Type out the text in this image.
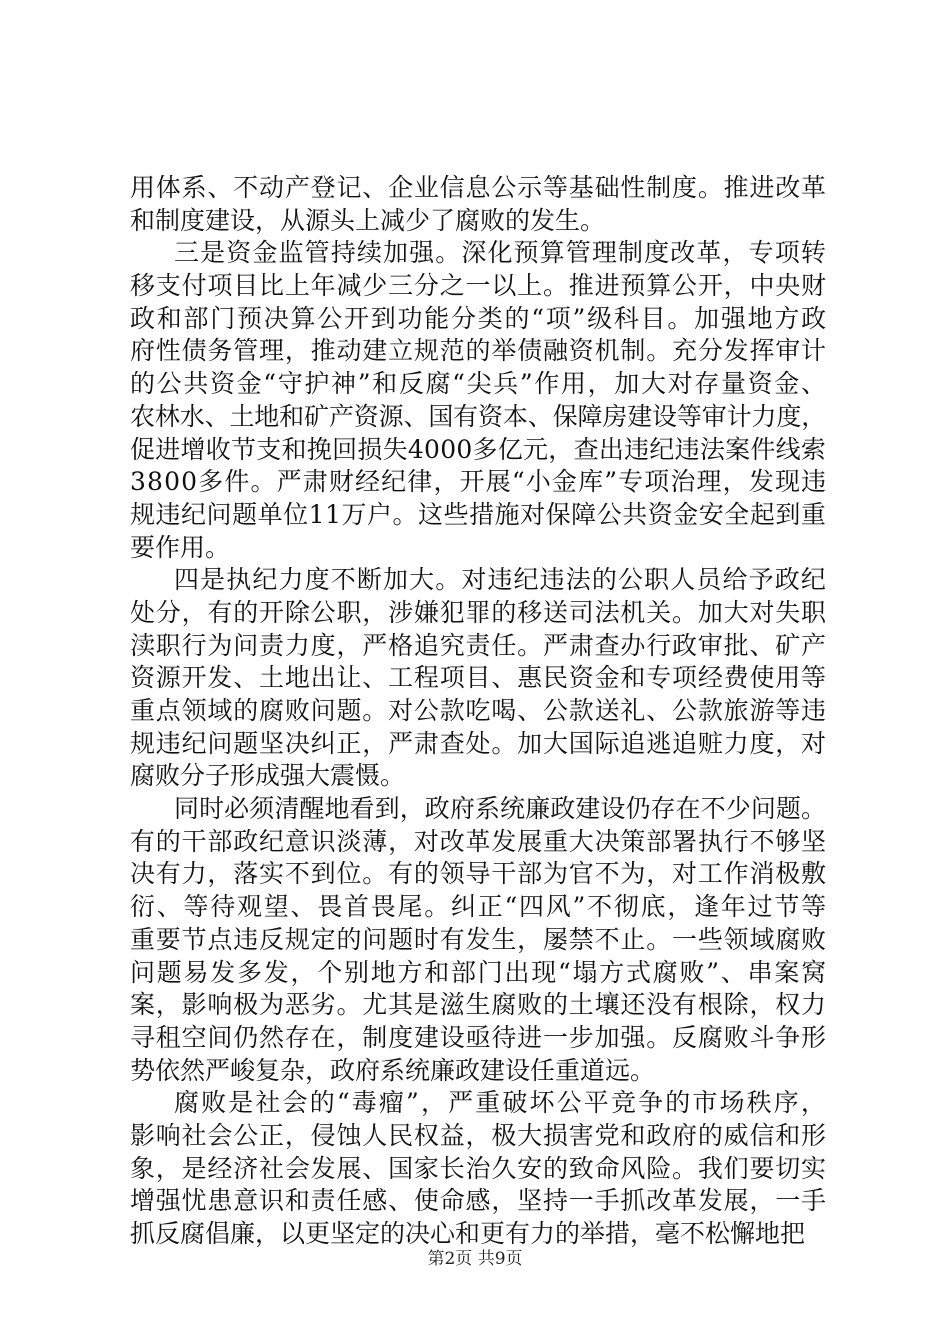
用体系、不动产登记、企业信息公示等基础性制度。推进改革
和制度建设，从源头上减少了腐败的发生。
三是资金监管持续加强。深化预算管理制度改革，专项转
移支付项目比上年减少三分之一以上。推进预算公开，中央财
政和部门预决算公开到功能分类的“项”级科目。加强地方政
府性债务管理，推动建立规范的举债融资机制。充分发挥审计
的公共资金“守护神”和反腐“尖兵”作用，加大对存量资金、
农林水、土地和矿产资源、国有资本、保障房建设等审计力度，
促进增收节支和挽回损失4000多亿元，查出违纪违法案件线索
3800多件。严肃财经纪律，开展“小金库”专项治理，发现违
规违纪问题单位11万户。这些措施对保障公共资金安全起到重
要作用。
四是执纪力度不断加大。对违纪违法的公职人员给予政纪
处分，有的开除公职，涉嫌犯罪的移送司法机关。加大对失职
渎职行为问责力度，严格追究责任。严肃查办行政审批、矿产
资源开发、土地出让、工程项目、惠民资金和专项经费使用等
重点领域的腐败问题。对公款吃喝、公款送礼、公款旅游等违
规违纪问题坚决纠正，严肃查处。加大国际追逃追赃力度，对
腐败分子形成强大震慑。
同时必须清醒地看到，政府系统廉政建设仍存在不少问题。
有的干部政纪意识淡薄，对改革发展重大决策部署执行不够坚
决有力，落实不到位。有的领导干部为官不为，对工作消极敷
衍、等待观望、畏首畏尾。纠正“四风”不彻底，逢年过节等
重要节点违反规定的问题时有发生，屡禁不止。一些领域腐败
问题易发多发，个别地方和部门出现“塌方式腐败”、串案窝
案，影响极为恶劣。尤其是滋生腐败的土壤还没有根除，权力
寻租空间仍然存在，制度建设亟待进一步加强。反腐败斗争形
势依然严峻复杂，政府系统廉政建设任重道远。
腐败是社会的“毒瘤”，严重破坏公平竞争的市场秩序，
影响社会公正，侵蚀人民权益，极大损害党和政府的威信和形
象，是经济社会发展、国家长治久安的致命风险。我们要切实
增强忧患意识和责任感、使命感，坚持一手抓改革发展，一手
抓反腐倡廉，以更坚定的决心和更有力的举措，毫不松懈地把
第2页 共9页
